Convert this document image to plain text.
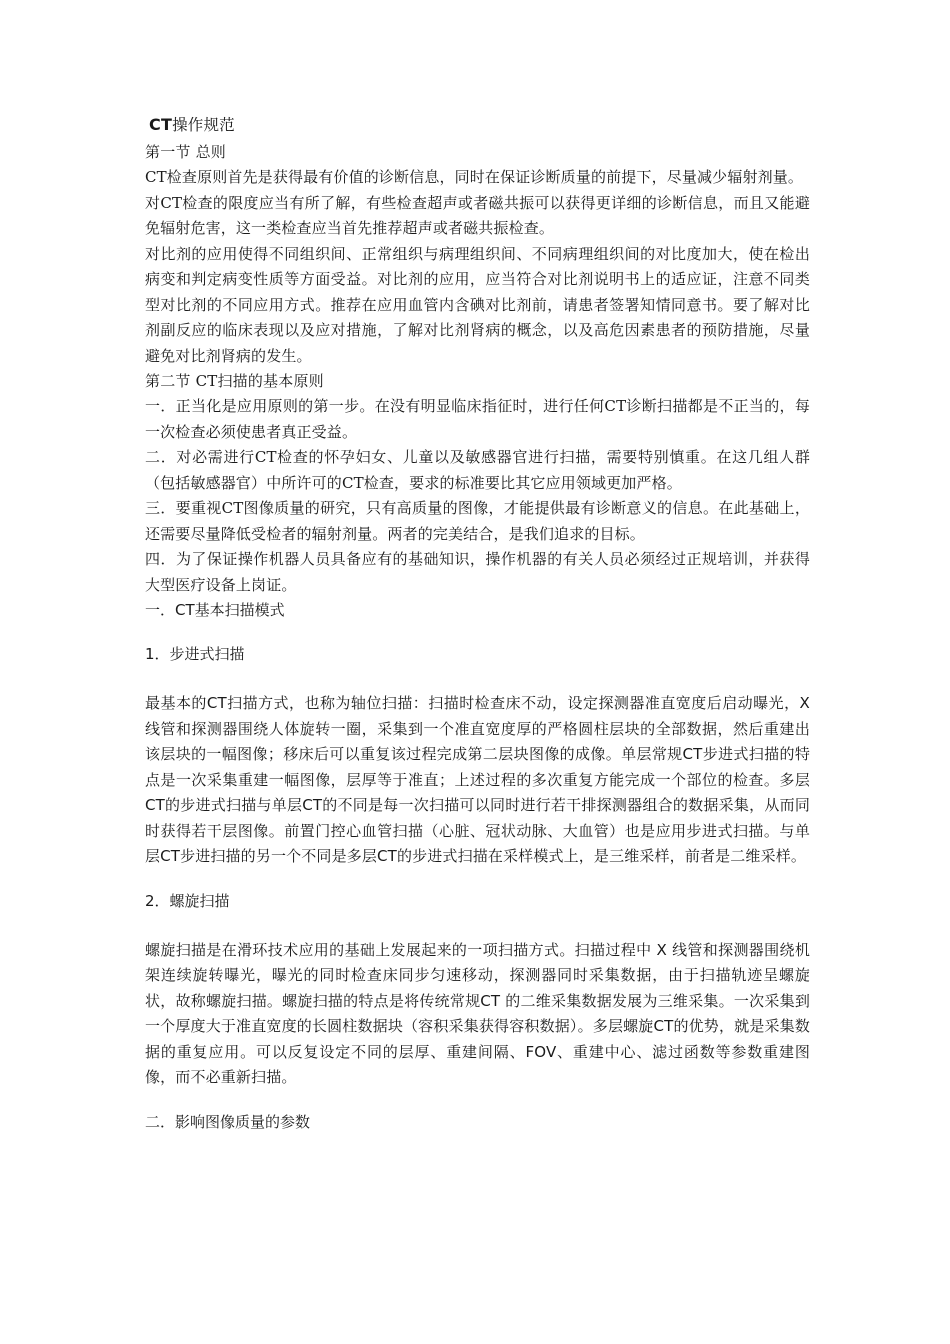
CT操作规范

第一节 总则

CT检查原则首先是获得最有价值的诊断信息，同时在保证诊断质量的前提下，尽量减少辐射剂量。

对CT检查的限度应当有所了解，有些检查超声或者磁共振可以获得更详细的诊断信息，而且又能避免辐射危害，这一类检查应当首先推荐超声或者磁共振检查。

对比剂的应用使得不同组织间、正常组织与病理组织间、不同病理组织间的对比度加大，使在检出病变和判定病变性质等方面受益。对比剂的应用，应当符合对比剂说明书上的适应证，注意不同类型对比剂的不同应用方式。推荐在应用血管内含碘对比剂前，请患者签署知情同意书。要了解对比剂副反应的临床表现以及应对措施，了解对比剂肾病的概念，以及高危因素患者的预防措施，尽量避免对比剂肾病的发生。

第二节 CT扫描的基本原则

一．正当化是应用原则的第一步。在没有明显临床指征时，进行任何CT诊断扫描都是不正当的，每一次检查必须使患者真正受益。

二．对必需进行CT检查的怀孕妇女、儿童以及敏感器官进行扫描，需要特别慎重。在这几组人群（包括敏感器官）中所许可的CT检查，要求的标准要比其它应用领域更加严格。

三．要重视CT图像质量的研究，只有高质量的图像，才能提供最有诊断意义的信息。在此基础上，还需要尽量降低受检者的辐射剂量。两者的完美结合，是我们追求的目标。

四．为了保证操作机器人员具备应有的基础知识，操作机器的有关人员必须经过正规培训，并获得大型医疗设备上岗证。

一．CT基本扫描模式

1．步进式扫描

最基本的CT扫描方式，也称为轴位扫描：扫描时检查床不动，设定探测器准直宽度后启动曝光，X线管和探测器围绕人体旋转一圈，采集到一个准直宽度厚的严格圆柱层块的全部数据，然后重建出该层块的一幅图像；移床后可以重复该过程完成第二层块图像的成像。单层常规CT步进式扫描的特点是一次采集重建一幅图像，层厚等于准直；上述过程的多次重复方能完成一个部位的检查。多层CT的步进式扫描与单层CT的不同是每一次扫描可以同时进行若干排探测器组合的数据采集，从而同时获得若干层图像。前置门控心血管扫描（心脏、冠状动脉、大血管）也是应用步进式扫描。与单层CT步进扫描的另一个不同是多层CT的步进式扫描在采样模式上，是三维采样，前者是二维采样。

2．螺旋扫描

螺旋扫描是在滑环技术应用的基础上发展起来的一项扫描方式。扫描过程中 X 线管和探测器围绕机架连续旋转曝光，曝光的同时检查床同步匀速移动，探测器同时采集数据，由于扫描轨迹呈螺旋状，故称螺旋扫描。螺旋扫描的特点是将传统常规CT 的二维采集数据发展为三维采集。一次采集到一个厚度大于准直宽度的长圆柱数据块（容积采集获得容积数据）。多层螺旋CT的优势，就是采集数据的重复应用。可以反复设定不同的层厚、重建间隔、FOV、重建中心、滤过函数等参数重建图像，而不必重新扫描。

二．影响图像质量的参数
